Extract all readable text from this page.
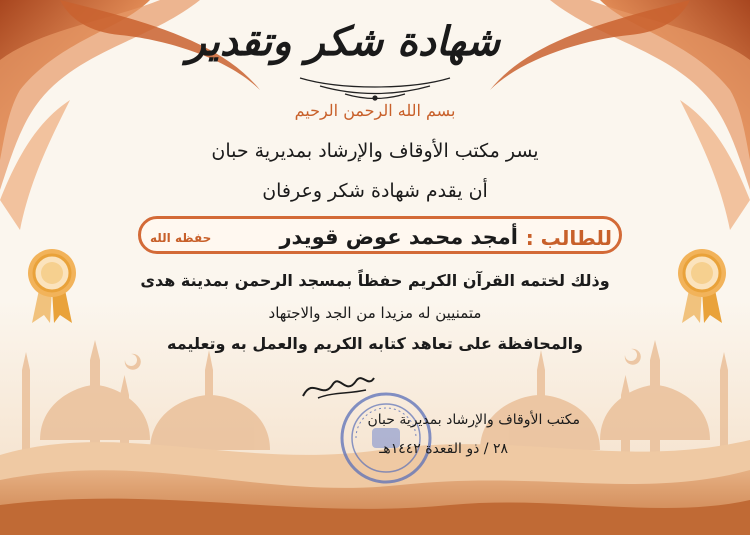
شهادة شكر وتقدير
بسم الله الرحمن الرحيم
يسر مكتب الأوقاف والإرشاد بمديرية حبان
أن يقدم شهادة شكر وعرفان
للطالب :
أمجد محمد عوض قويدر
حفظه الله
وذلك لختمه القرآن الكريم حفظاً بمسجد الرحمن بمدينة هدى
متمنيين له مزيدا من الجد والاجتهاد
والمحافظة على تعاهد كتابه الكريم والعمل به وتعليمه
مكتب الأوقاف والإرشاد بمديرية حبان
٢٨ / ذو القعدة ١٤٤٢هـ
